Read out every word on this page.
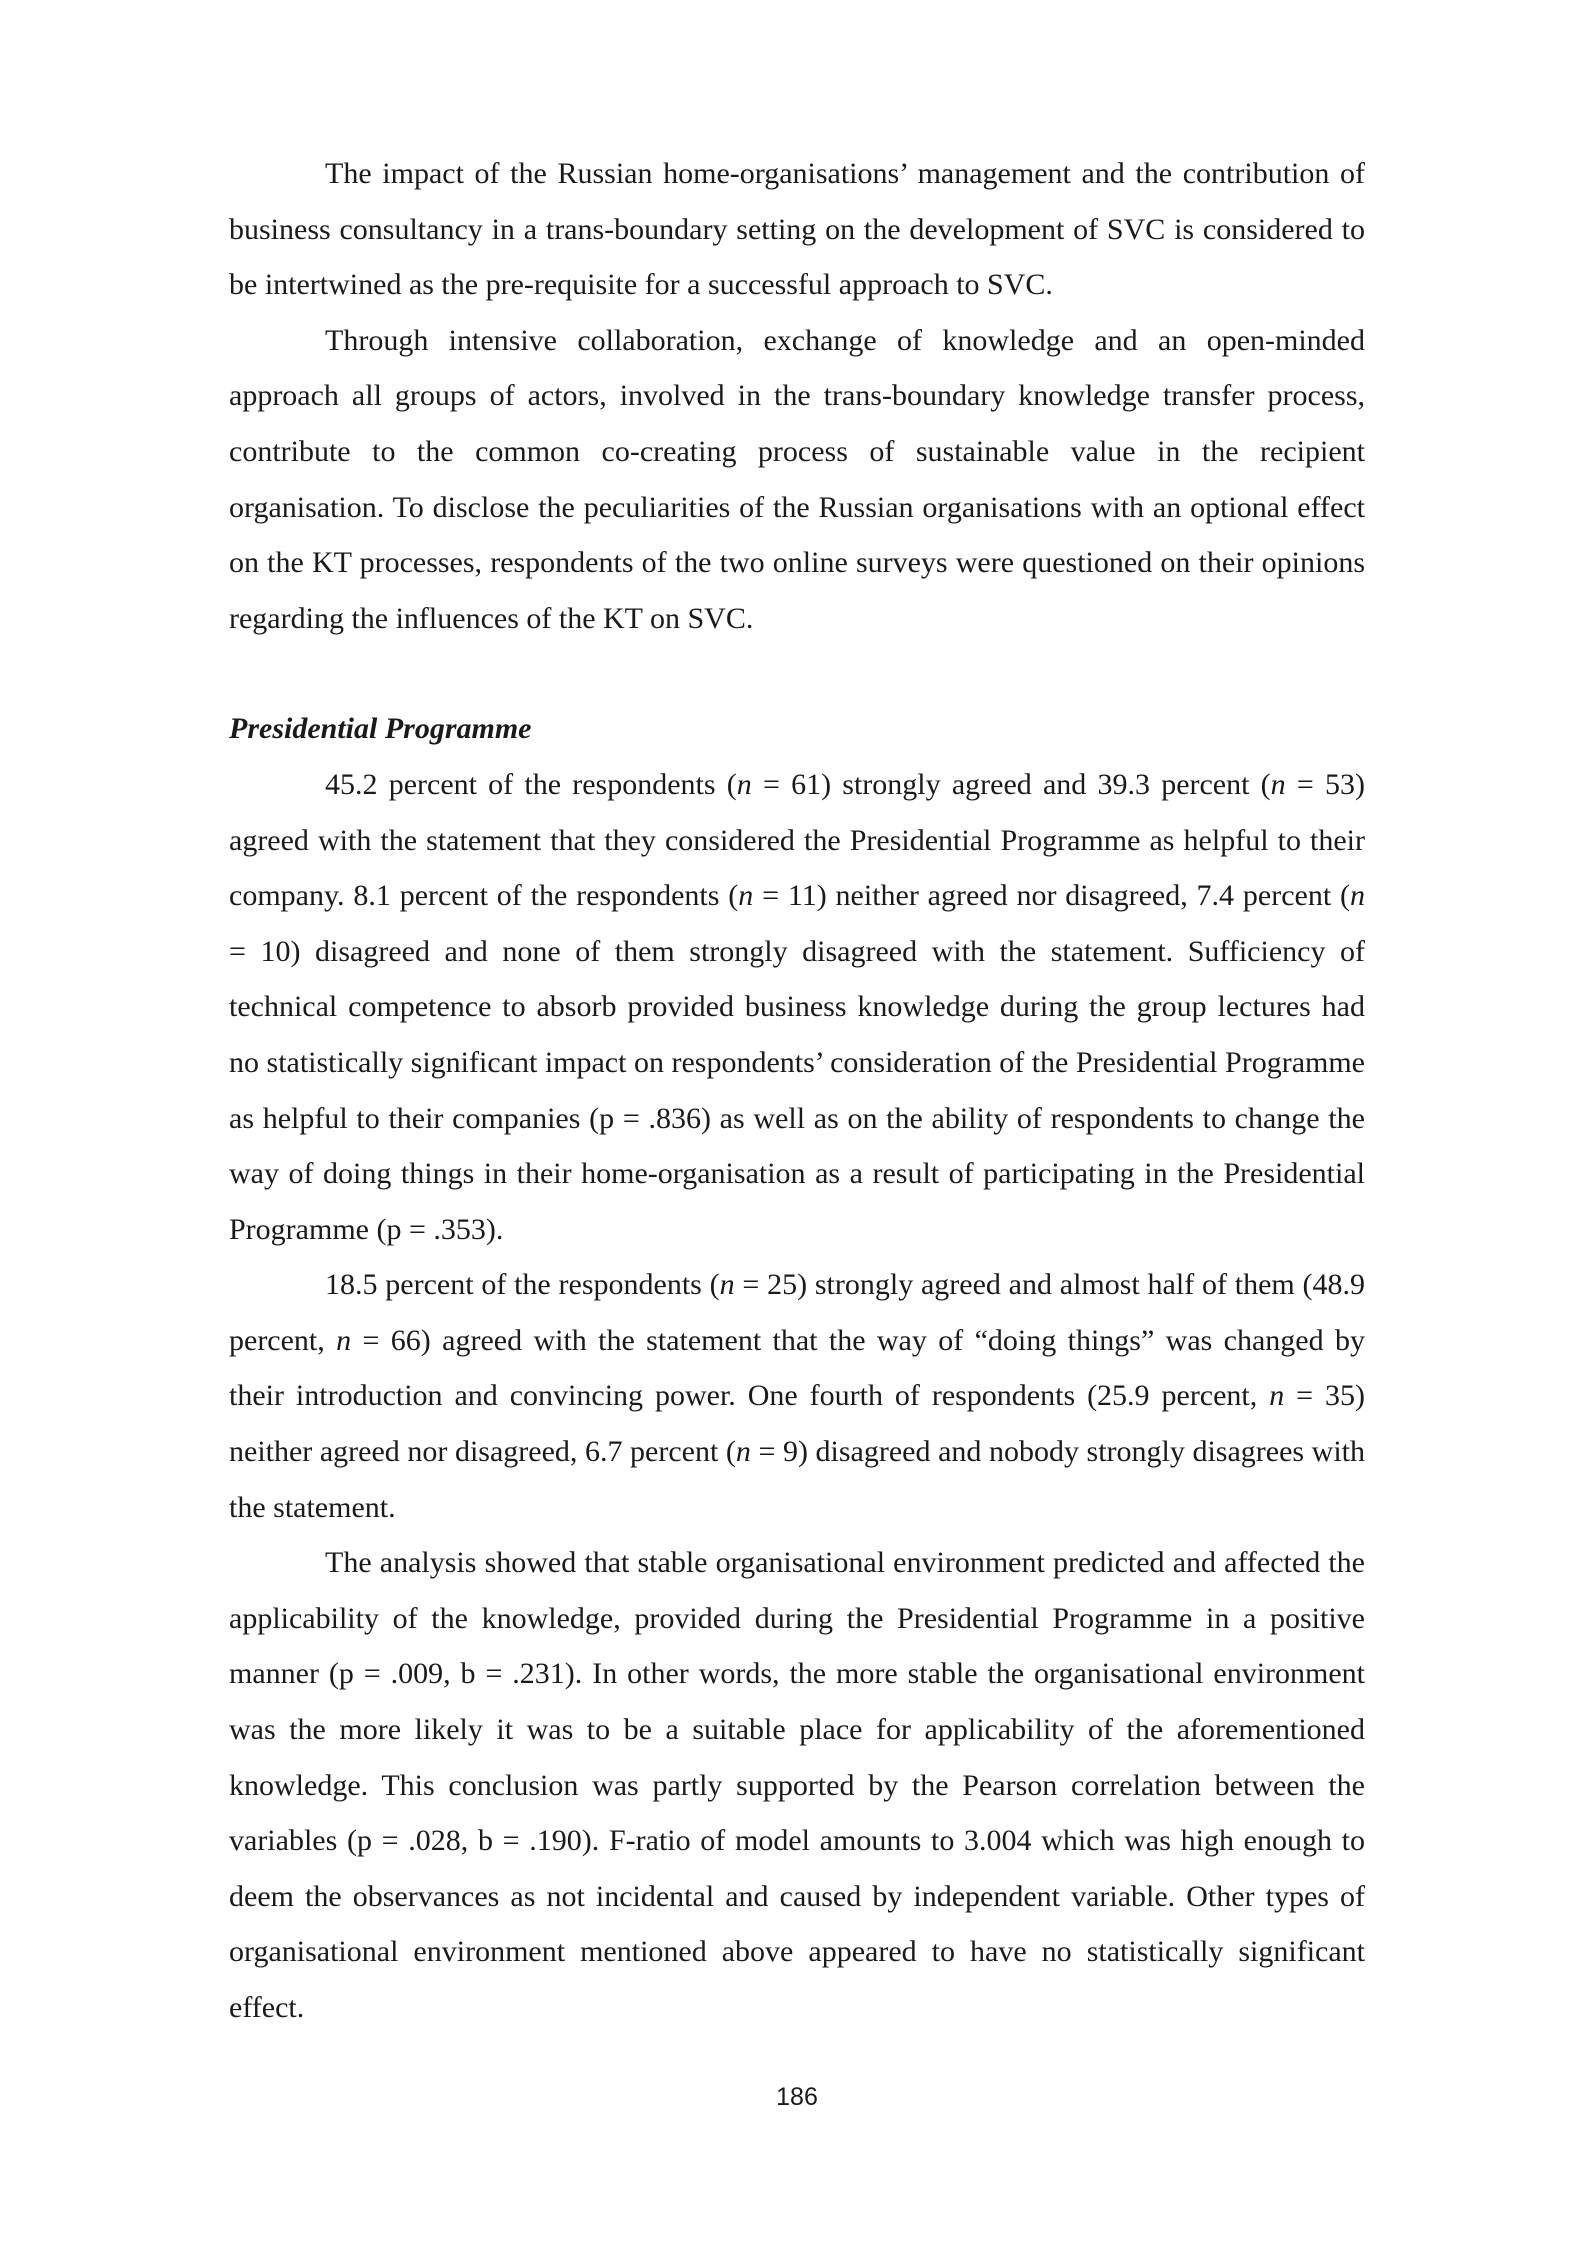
The impact of the Russian home-organisations’ management and the contribution of business consultancy in a trans-boundary setting on the development of SVC is considered to be intertwined as the pre-requisite for a successful approach to SVC.

Through intensive collaboration, exchange of knowledge and an open-minded approach all groups of actors, involved in the trans-boundary knowledge transfer process, contribute to the common co-creating process of sustainable value in the recipient organisation. To disclose the peculiarities of the Russian organisations with an optional effect on the KT processes, respondents of the two online surveys were questioned on their opinions regarding the influences of the KT on SVC.

Presidential Programme

45.2 percent of the respondents (n = 61) strongly agreed and 39.3 percent (n = 53) agreed with the statement that they considered the Presidential Programme as helpful to their company. 8.1 percent of the respondents (n = 11) neither agreed nor disagreed, 7.4 percent (n = 10) disagreed and none of them strongly disagreed with the statement. Sufficiency of technical competence to absorb provided business knowledge during the group lectures had no statistically significant impact on respondents’ consideration of the Presidential Programme as helpful to their companies (p = .836) as well as on the ability of respondents to change the way of doing things in their home-organisation as a result of participating in the Presidential Programme (p = .353).

18.5 percent of the respondents (n = 25) strongly agreed and almost half of them (48.9 percent, n = 66) agreed with the statement that the way of “doing things” was changed by their introduction and convincing power. One fourth of respondents (25.9 percent, n = 35) neither agreed nor disagreed, 6.7 percent (n = 9) disagreed and nobody strongly disagrees with the statement.

The analysis showed that stable organisational environment predicted and affected the applicability of the knowledge, provided during the Presidential Programme in a positive manner (p = .009, b = .231). In other words, the more stable the organisational environment was the more likely it was to be a suitable place for applicability of the aforementioned knowledge. This conclusion was partly supported by the Pearson correlation between the variables (p = .028, b = .190). F-ratio of model amounts to 3.004 which was high enough to deem the observances as not incidental and caused by independent variable. Other types of organisational environment mentioned above appeared to have no statistically significant effect.

186
